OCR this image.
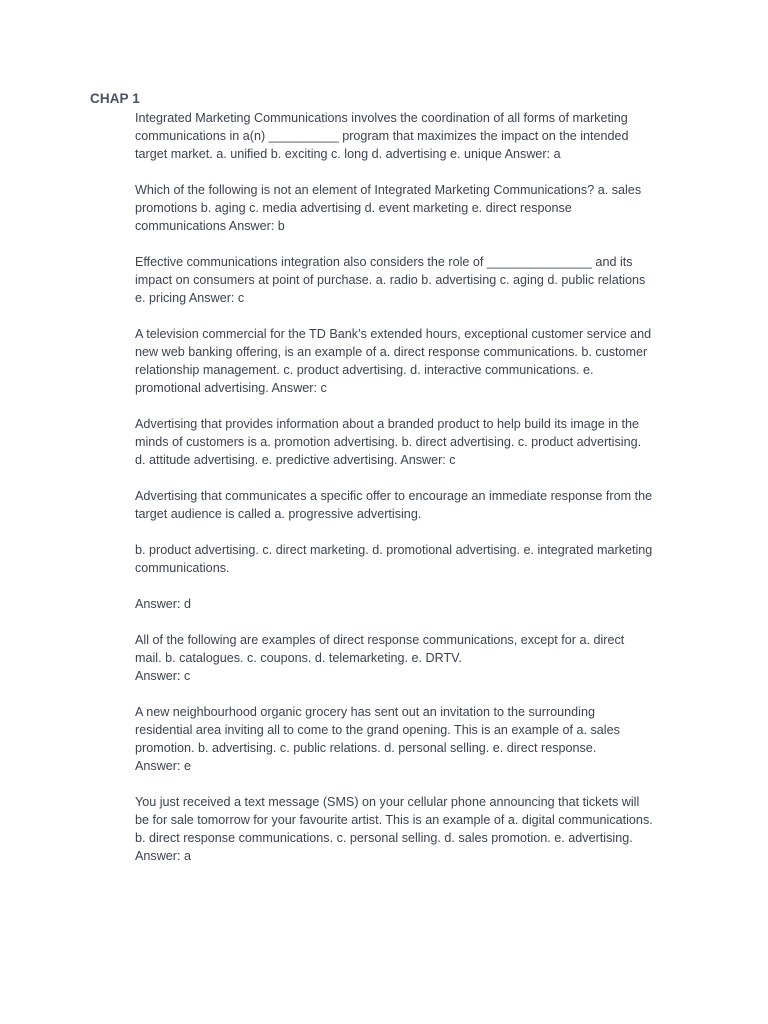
CHAP 1

Integrated Marketing Communications involves the coordination of all forms of marketing
communications in a(n) __________ program that maximizes the impact on the intended
target market. a. unified b. exciting c. long d. advertising e. unique Answer: a

Which of the following is not an element of Integrated Marketing Communications? a. sales
promotions b. aging c. media advertising d. event marketing e. direct response
communications Answer: b

Effective communications integration also considers the role of _______________ and its
impact on consumers at point of purchase. a. radio b. advertising c. aging d. public relations
e. pricing Answer: c

A television commercial for the TD Bank’s extended hours, exceptional customer service and
new web banking offering, is an example of a. direct response communications. b. customer
relationship management. c. product advertising. d. interactive communications. e.
promotional advertising. Answer: c

Advertising that provides information about a branded product to help build its image in the
minds of customers is a. promotion advertising. b. direct advertising. c. product advertising.
d. attitude advertising. e. predictive advertising. Answer: c

Advertising that communicates a specific offer to encourage an immediate response from the
target audience is called a. progressive advertising.

b. product advertising. c. direct marketing. d. promotional advertising. e. integrated marketing
communications.

Answer: d

All of the following are examples of direct response communications, except for a. direct
mail. b. catalogues. c. coupons. d. telemarketing. e. DRTV.
Answer: c

A new neighbourhood organic grocery has sent out an invitation to the surrounding
residential area inviting all to come to the grand opening. This is an example of a. sales
promotion. b. advertising. c. public relations. d. personal selling. e. direct response.
Answer: e

You just received a text message (SMS) on your cellular phone announcing that tickets will
be for sale tomorrow for your favourite artist. This is an example of a. digital communications.
b. direct response communications. c. personal selling. d. sales promotion. e. advertising.
Answer: a
